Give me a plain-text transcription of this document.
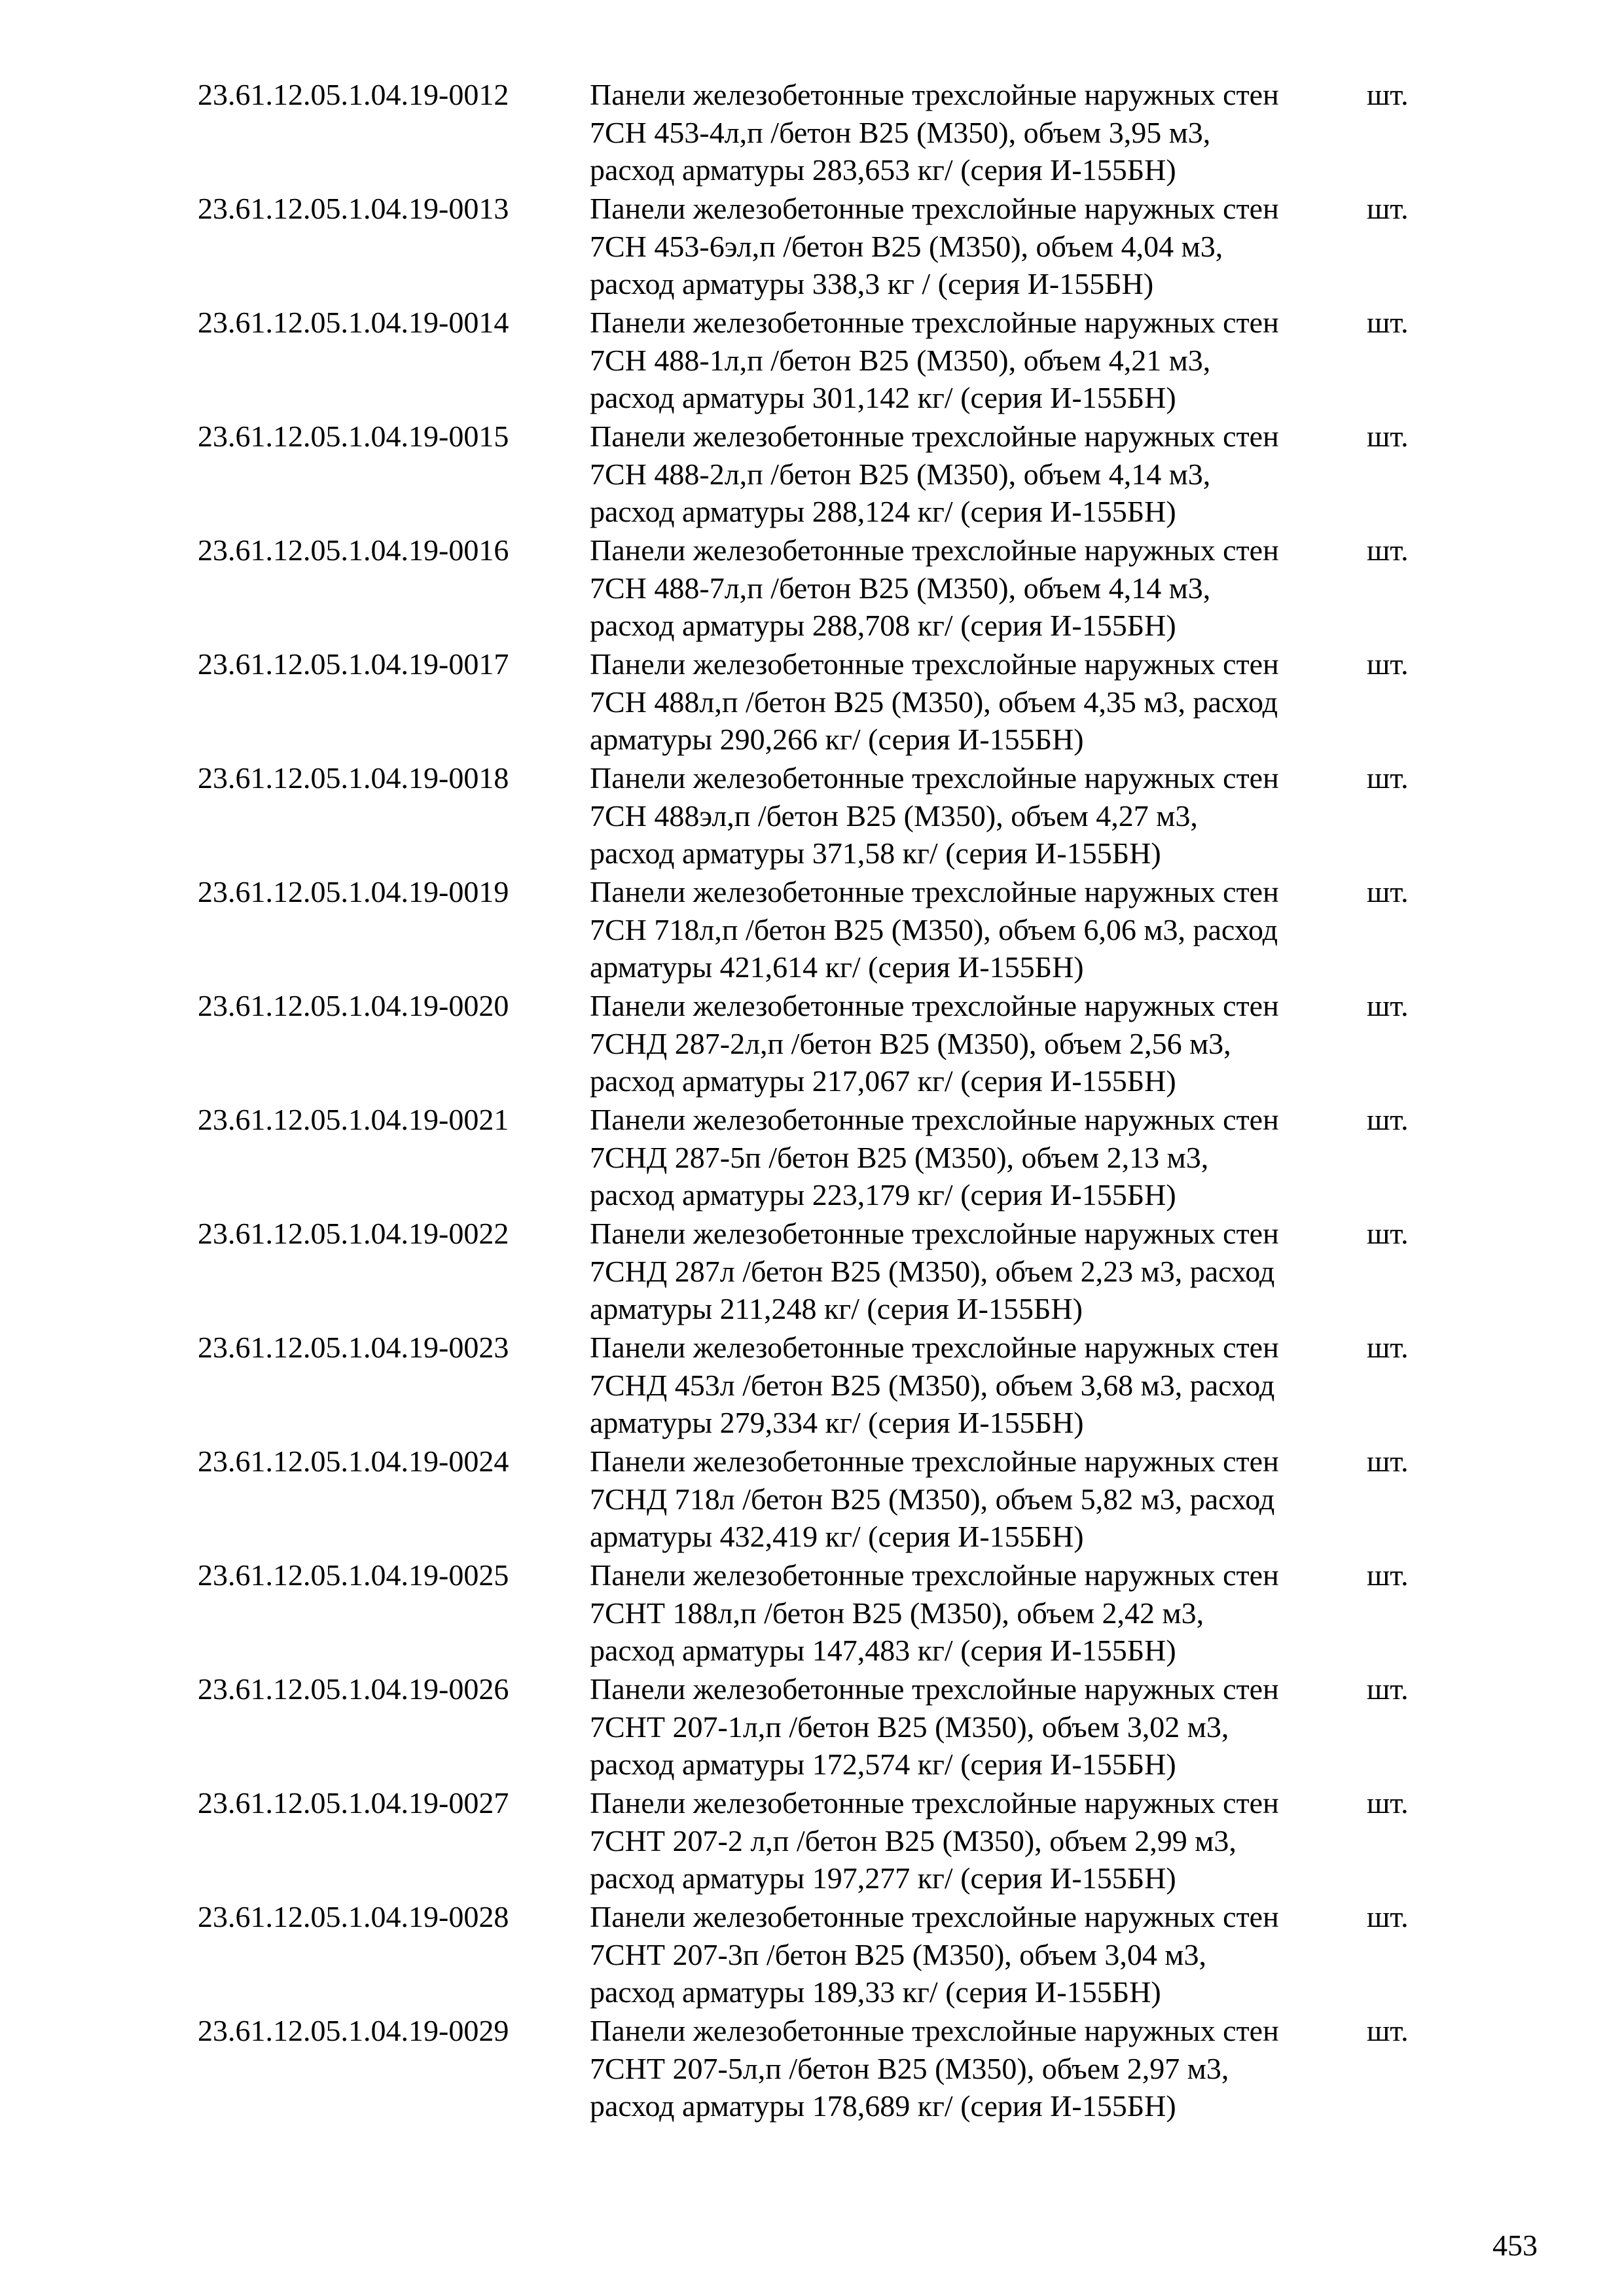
23.61.12.05.1.04.19-0012	Панели железобетонные трехслойные наружных стен
7СН 453-4л,п /бетон В25 (М350), объем 3,95 м3,
расход арматуры 283,653 кг/ (серия И-155БН)
шт.
23.61.12.05.1.04.19-0013	Панели железобетонные трехслойные наружных стен
7СН 453-6эл,п /бетон В25 (М350), объем 4,04 м3,
расход арматуры 338,3 кг / (серия И-155БН)
шт.
23.61.12.05.1.04.19-0014	Панели железобетонные трехслойные наружных стен
7СН 488-1л,п /бетон В25 (М350), объем 4,21 м3,
расход арматуры 301,142 кг/ (серия И-155БН)
шт.
23.61.12.05.1.04.19-0015	Панели железобетонные трехслойные наружных стен
7СН 488-2л,п /бетон В25 (М350), объем 4,14 м3,
расход арматуры 288,124 кг/ (серия И-155БН)
шт.
23.61.12.05.1.04.19-0016	Панели железобетонные трехслойные наружных стен
7СН 488-7л,п /бетон В25 (М350), объем 4,14 м3,
расход арматуры 288,708 кг/ (серия И-155БН)
шт.
23.61.12.05.1.04.19-0017	Панели железобетонные трехслойные наружных стен
7СН 488л,п /бетон В25 (М350), объем 4,35 м3, расход
арматуры 290,266 кг/ (серия И-155БН)
шт.
23.61.12.05.1.04.19-0018	Панели железобетонные трехслойные наружных стен
7СН 488эл,п /бетон В25 (М350), объем 4,27 м3,
расход арматуры 371,58 кг/ (серия И-155БН)
шт.
23.61.12.05.1.04.19-0019	Панели железобетонные трехслойные наружных стен
7СН 718л,п /бетон В25 (М350), объем 6,06 м3, расход
арматуры 421,614 кг/ (серия И-155БН)
шт.
23.61.12.05.1.04.19-0020	Панели железобетонные трехслойные наружных стен
7СНД 287-2л,п /бетон В25 (М350), объем 2,56 м3,
расход арматуры 217,067 кг/ (серия И-155БН)
шт.
23.61.12.05.1.04.19-0021	Панели железобетонные трехслойные наружных стен
7СНД 287-5п /бетон В25 (М350), объем 2,13 м3,
расход арматуры 223,179 кг/ (серия И-155БН)
шт.
23.61.12.05.1.04.19-0022	Панели железобетонные трехслойные наружных стен
7СНД 287л /бетон В25 (М350), объем 2,23 м3, расход
арматуры 211,248 кг/ (серия И-155БН)
шт.
23.61.12.05.1.04.19-0023	Панели железобетонные трехслойные наружных стен
7СНД 453л /бетон В25 (М350), объем 3,68 м3, расход
арматуры 279,334 кг/ (серия И-155БН)
шт.
23.61.12.05.1.04.19-0024	Панели железобетонные трехслойные наружных стен
7СНД 718л /бетон В25 (М350), объем 5,82 м3, расход
арматуры 432,419 кг/ (серия И-155БН)
шт.
23.61.12.05.1.04.19-0025	Панели железобетонные трехслойные наружных стен
7СНТ 188л,п /бетон В25 (М350), объем 2,42 м3,
расход арматуры 147,483 кг/ (серия И-155БН)
шт.
23.61.12.05.1.04.19-0026	Панели железобетонные трехслойные наружных стен
7СНТ 207-1л,п /бетон В25 (М350), объем 3,02 м3,
расход арматуры 172,574 кг/ (серия И-155БН)
шт.
23.61.12.05.1.04.19-0027	Панели железобетонные трехслойные наружных стен
7СНТ 207-2 л,п /бетон В25 (М350), объем 2,99 м3,
расход арматуры 197,277 кг/ (серия И-155БН)
шт.
23.61.12.05.1.04.19-0028	Панели железобетонные трехслойные наружных стен
7СНТ 207-3п /бетон В25 (М350), объем 3,04 м3,
расход арматуры 189,33 кг/ (серия И-155БН)
шт.
23.61.12.05.1.04.19-0029	Панели железобетонные трехслойные наружных стен
7СНТ 207-5л,п /бетон В25 (М350), объем 2,97 м3,
расход арматуры 178,689 кг/ (серия И-155БН)
шт.
453
